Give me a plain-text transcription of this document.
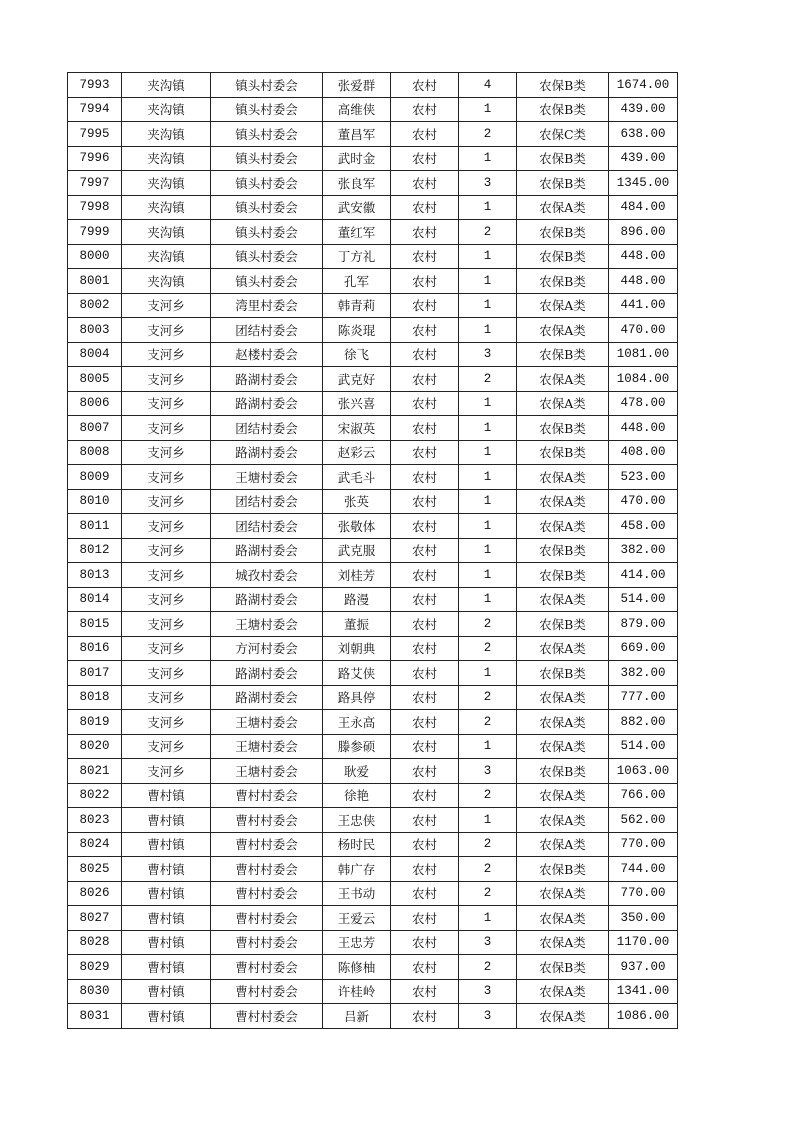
7993	夹沟镇	镇头村委会	张爱群	农村	4	农保B类	1674.00
7994	夹沟镇	镇头村委会	高维侠	农村	1	农保B类	439.00
7995	夹沟镇	镇头村委会	董昌军	农村	2	农保C类	638.00
7996	夹沟镇	镇头村委会	武时金	农村	1	农保B类	439.00
7997	夹沟镇	镇头村委会	张良军	农村	3	农保B类	1345.00
7998	夹沟镇	镇头村委会	武安徽	农村	1	农保A类	484.00
7999	夹沟镇	镇头村委会	董红军	农村	2	农保B类	896.00
8000	夹沟镇	镇头村委会	丁方礼	农村	1	农保B类	448.00
8001	夹沟镇	镇头村委会	孔军	农村	1	农保B类	448.00
8002	支河乡	湾里村委会	韩青莉	农村	1	农保A类	441.00
8003	支河乡	团结村委会	陈炎琨	农村	1	农保A类	470.00
8004	支河乡	赵楼村委会	徐飞	农村	3	农保B类	1081.00
8005	支河乡	路湖村委会	武克好	农村	2	农保A类	1084.00
8006	支河乡	路湖村委会	张兴喜	农村	1	农保A类	478.00
8007	支河乡	团结村委会	宋淑英	农村	1	农保B类	448.00
8008	支河乡	路湖村委会	赵彩云	农村	1	农保B类	408.00
8009	支河乡	王塘村委会	武毛斗	农村	1	农保A类	523.00
8010	支河乡	团结村委会	张英	农村	1	农保A类	470.00
8011	支河乡	团结村委会	张敬体	农村	1	农保A类	458.00
8012	支河乡	路湖村委会	武克服	农村	1	农保B类	382.00
8013	支河乡	城孜村委会	刘桂芳	农村	1	农保B类	414.00
8014	支河乡	路湖村委会	路漫	农村	1	农保A类	514.00
8015	支河乡	王塘村委会	董振	农村	2	农保B类	879.00
8016	支河乡	方河村委会	刘朝典	农村	2	农保A类	669.00
8017	支河乡	路湖村委会	路艾侠	农村	1	农保B类	382.00
8018	支河乡	路湖村委会	路具停	农村	2	农保A类	777.00
8019	支河乡	王塘村委会	王永高	农村	2	农保A类	882.00
8020	支河乡	王塘村委会	滕参硕	农村	1	农保A类	514.00
8021	支河乡	王塘村委会	耿爱	农村	3	农保B类	1063.00
8022	曹村镇	曹村村委会	徐艳	农村	2	农保A类	766.00
8023	曹村镇	曹村村委会	王忠侠	农村	1	农保A类	562.00
8024	曹村镇	曹村村委会	杨时民	农村	2	农保A类	770.00
8025	曹村镇	曹村村委会	韩广存	农村	2	农保B类	744.00
8026	曹村镇	曹村村委会	王书动	农村	2	农保A类	770.00
8027	曹村镇	曹村村委会	王爱云	农村	1	农保A类	350.00
8028	曹村镇	曹村村委会	王忠芳	农村	3	农保A类	1170.00
8029	曹村镇	曹村村委会	陈修柚	农村	2	农保B类	937.00
8030	曹村镇	曹村村委会	许桂岭	农村	3	农保A类	1341.00
8031	曹村镇	曹村村委会	吕新	农村	3	农保A类	1086.00
